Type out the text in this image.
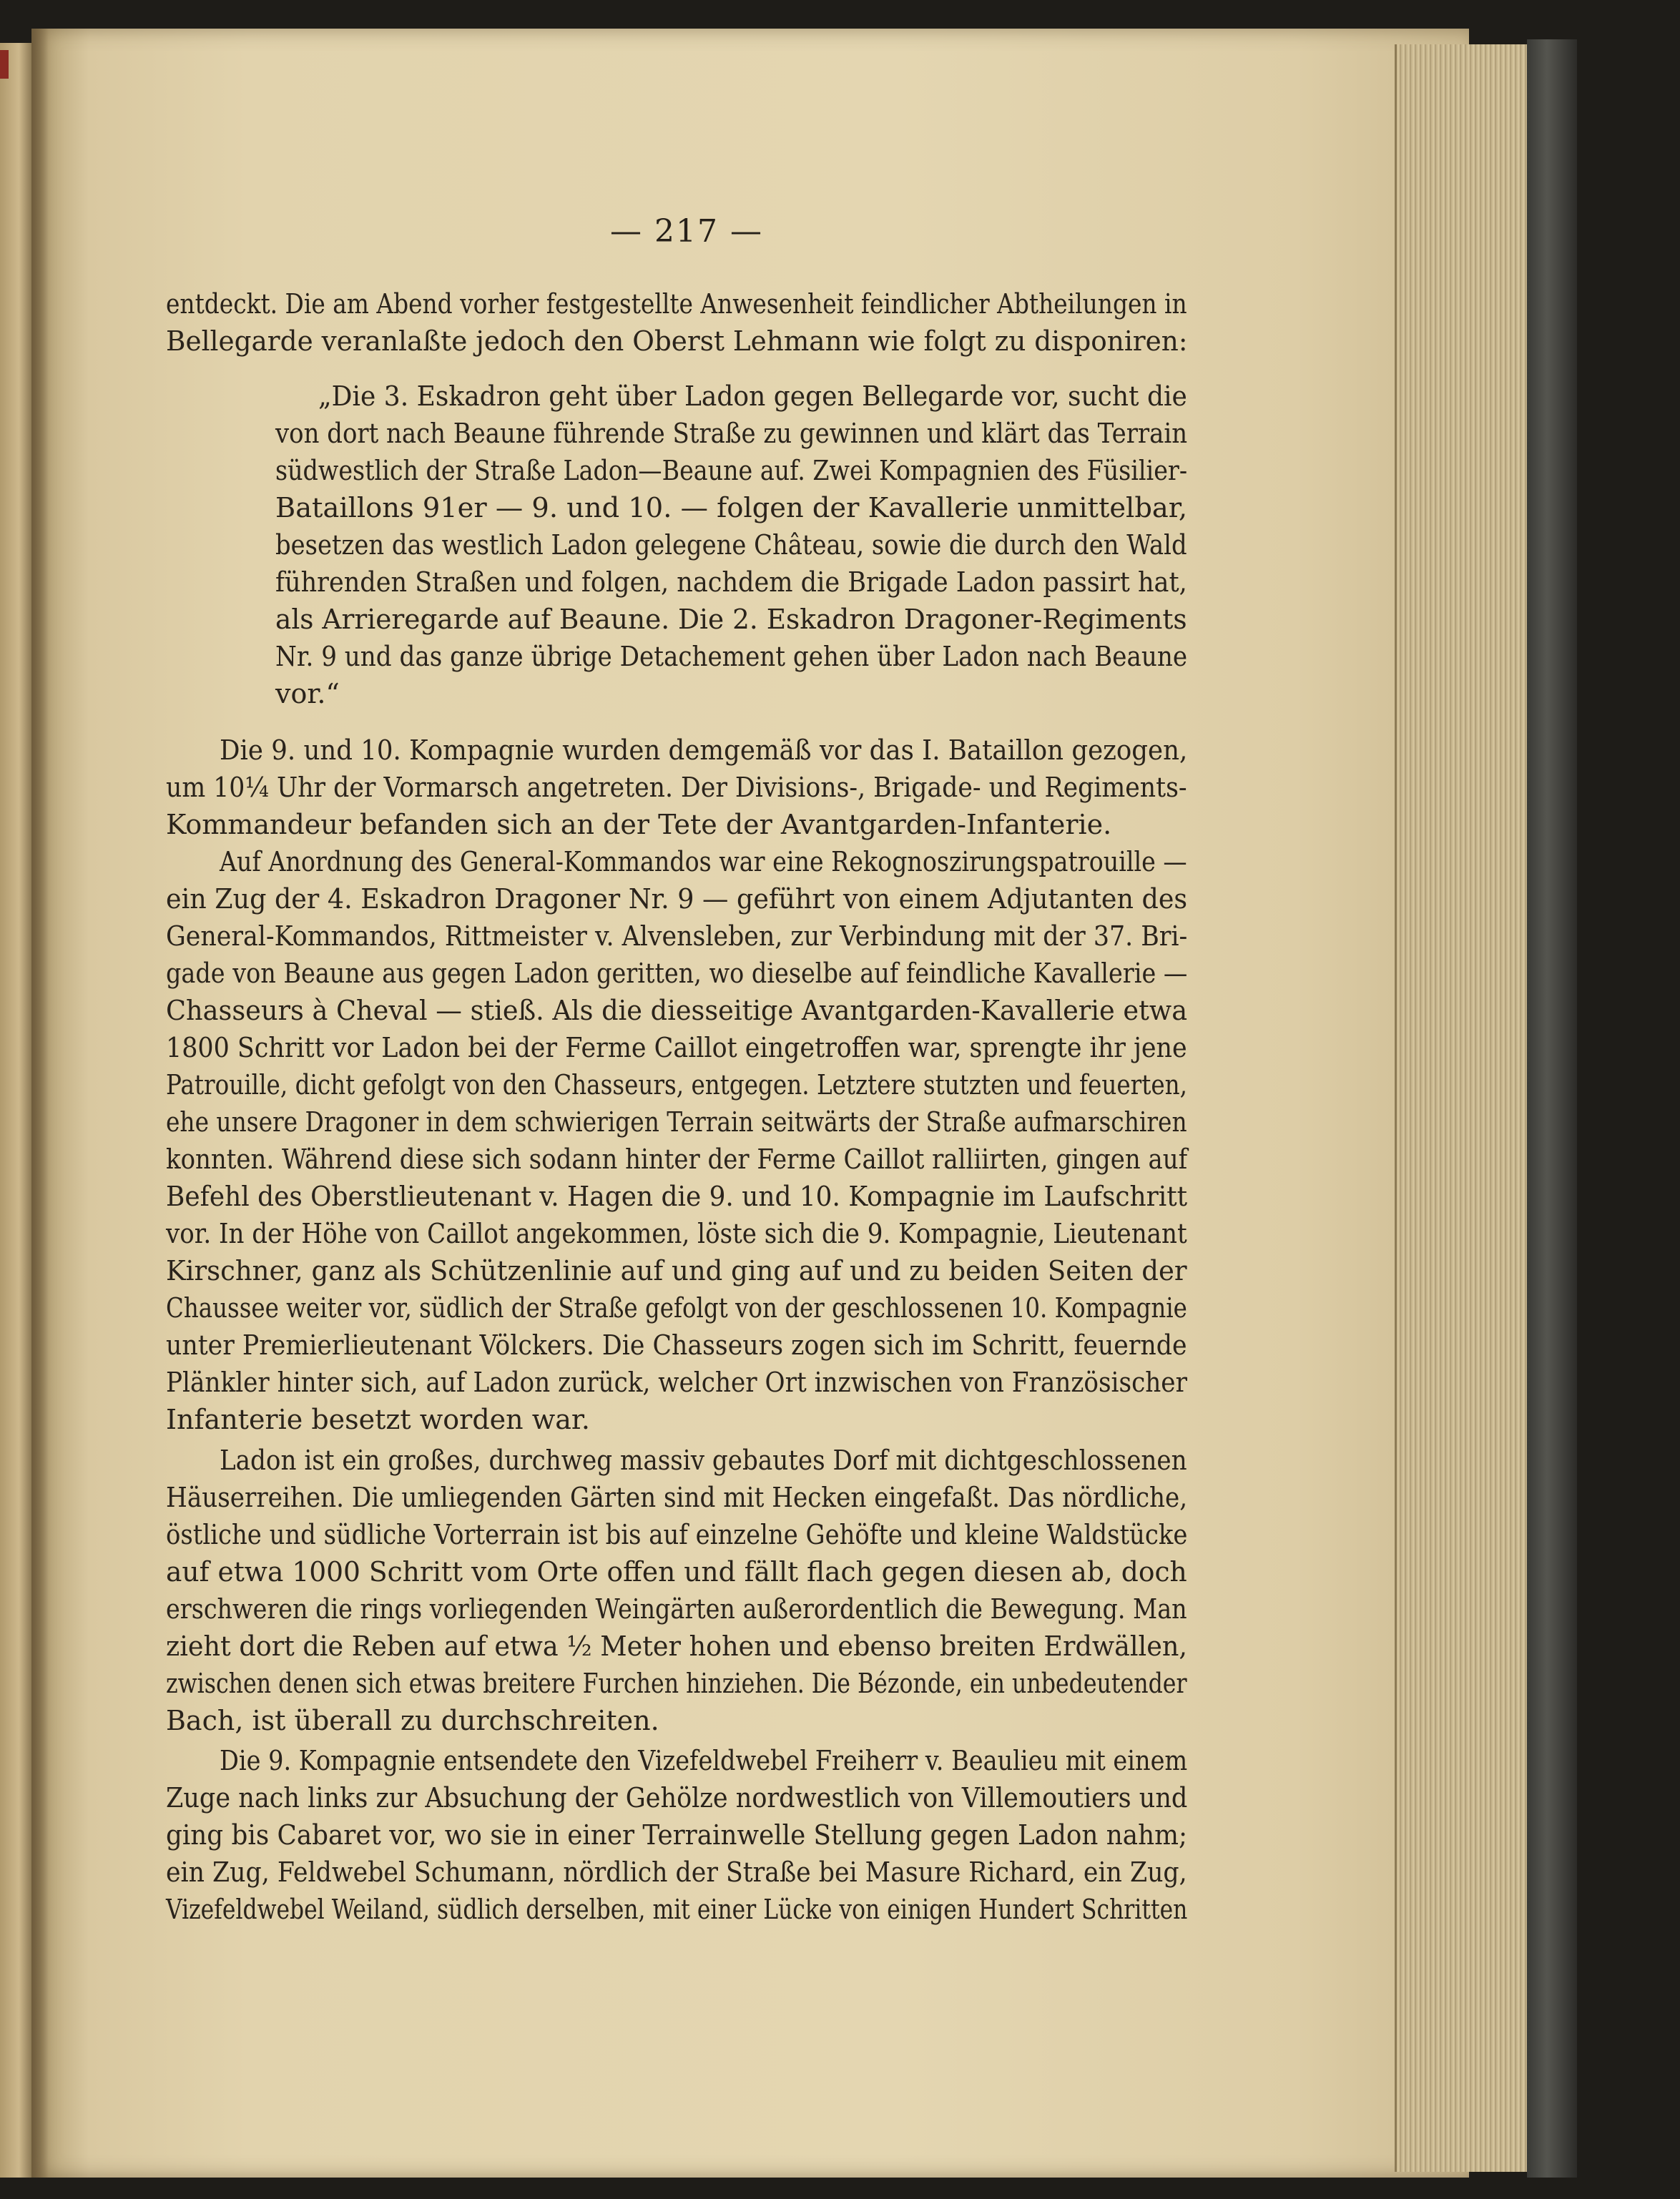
— 217 —
entdeckt. Die am Abend vorher festgestellte Anwesenheit feindlicher Abtheilungen in
Bellegarde veranlaßte jedoch den Oberst Lehmann wie folgt zu disponiren:
„Die 3. Eskadron geht über Ladon gegen Bellegarde vor, sucht die
von dort nach Beaune führende Straße zu gewinnen und klärt das Terrain
südwestlich der Straße Ladon—Beaune auf. Zwei Kompagnien des Füsilier-
Bataillons 91er — 9. und 10. — folgen der Kavallerie unmittelbar,
besetzen das westlich Ladon gelegene Château, sowie die durch den Wald
führenden Straßen und folgen, nachdem die Brigade Ladon passirt hat,
als Arrieregarde auf Beaune. Die 2. Eskadron Dragoner-Regiments
Nr. 9 und das ganze übrige Detachement gehen über Ladon nach Beaune
vor.“
Die 9. und 10. Kompagnie wurden demgemäß vor das I. Bataillon gezogen,
um 10¼ Uhr der Vormarsch angetreten. Der Divisions-, Brigade- und Regiments-
Kommandeur befanden sich an der Tete der Avantgarden-Infanterie.
Auf Anordnung des General-Kommandos war eine Rekognoszirungspatrouille —
ein Zug der 4. Eskadron Dragoner Nr. 9 — geführt von einem Adjutanten des
General-Kommandos, Rittmeister v. Alvensleben, zur Verbindung mit der 37. Bri-
gade von Beaune aus gegen Ladon geritten, wo dieselbe auf feindliche Kavallerie —
Chasseurs à Cheval — stieß. Als die diesseitige Avantgarden-Kavallerie etwa
1800 Schritt vor Ladon bei der Ferme Caillot eingetroffen war, sprengte ihr jene
Patrouille, dicht gefolgt von den Chasseurs, entgegen. Letztere stutzten und feuerten,
ehe unsere Dragoner in dem schwierigen Terrain seitwärts der Straße aufmarschiren
konnten. Während diese sich sodann hinter der Ferme Caillot ralliirten, gingen auf
Befehl des Oberstlieutenant v. Hagen die 9. und 10. Kompagnie im Laufschritt
vor. In der Höhe von Caillot angekommen, löste sich die 9. Kompagnie, Lieutenant
Kirschner, ganz als Schützenlinie auf und ging auf und zu beiden Seiten der
Chaussee weiter vor, südlich der Straße gefolgt von der geschlossenen 10. Kompagnie
unter Premierlieutenant Völckers. Die Chasseurs zogen sich im Schritt, feuernde
Plänkler hinter sich, auf Ladon zurück, welcher Ort inzwischen von Französischer
Infanterie besetzt worden war.
Ladon ist ein großes, durchweg massiv gebautes Dorf mit dichtgeschlossenen
Häuserreihen. Die umliegenden Gärten sind mit Hecken eingefaßt. Das nördliche,
östliche und südliche Vorterrain ist bis auf einzelne Gehöfte und kleine Waldstücke
auf etwa 1000 Schritt vom Orte offen und fällt flach gegen diesen ab, doch
erschweren die rings vorliegenden Weingärten außerordentlich die Bewegung. Man
zieht dort die Reben auf etwa ½ Meter hohen und ebenso breiten Erdwällen,
zwischen denen sich etwas breitere Furchen hinziehen. Die Bézonde, ein unbedeutender
Bach, ist überall zu durchschreiten.
Die 9. Kompagnie entsendete den Vizefeldwebel Freiherr v. Beaulieu mit einem
Zuge nach links zur Absuchung der Gehölze nordwestlich von Villemoutiers und
ging bis Cabaret vor, wo sie in einer Terrainwelle Stellung gegen Ladon nahm;
ein Zug, Feldwebel Schumann, nördlich der Straße bei Masure Richard, ein Zug,
Vizefeldwebel Weiland, südlich derselben, mit einer Lücke von einigen Hundert Schritten
